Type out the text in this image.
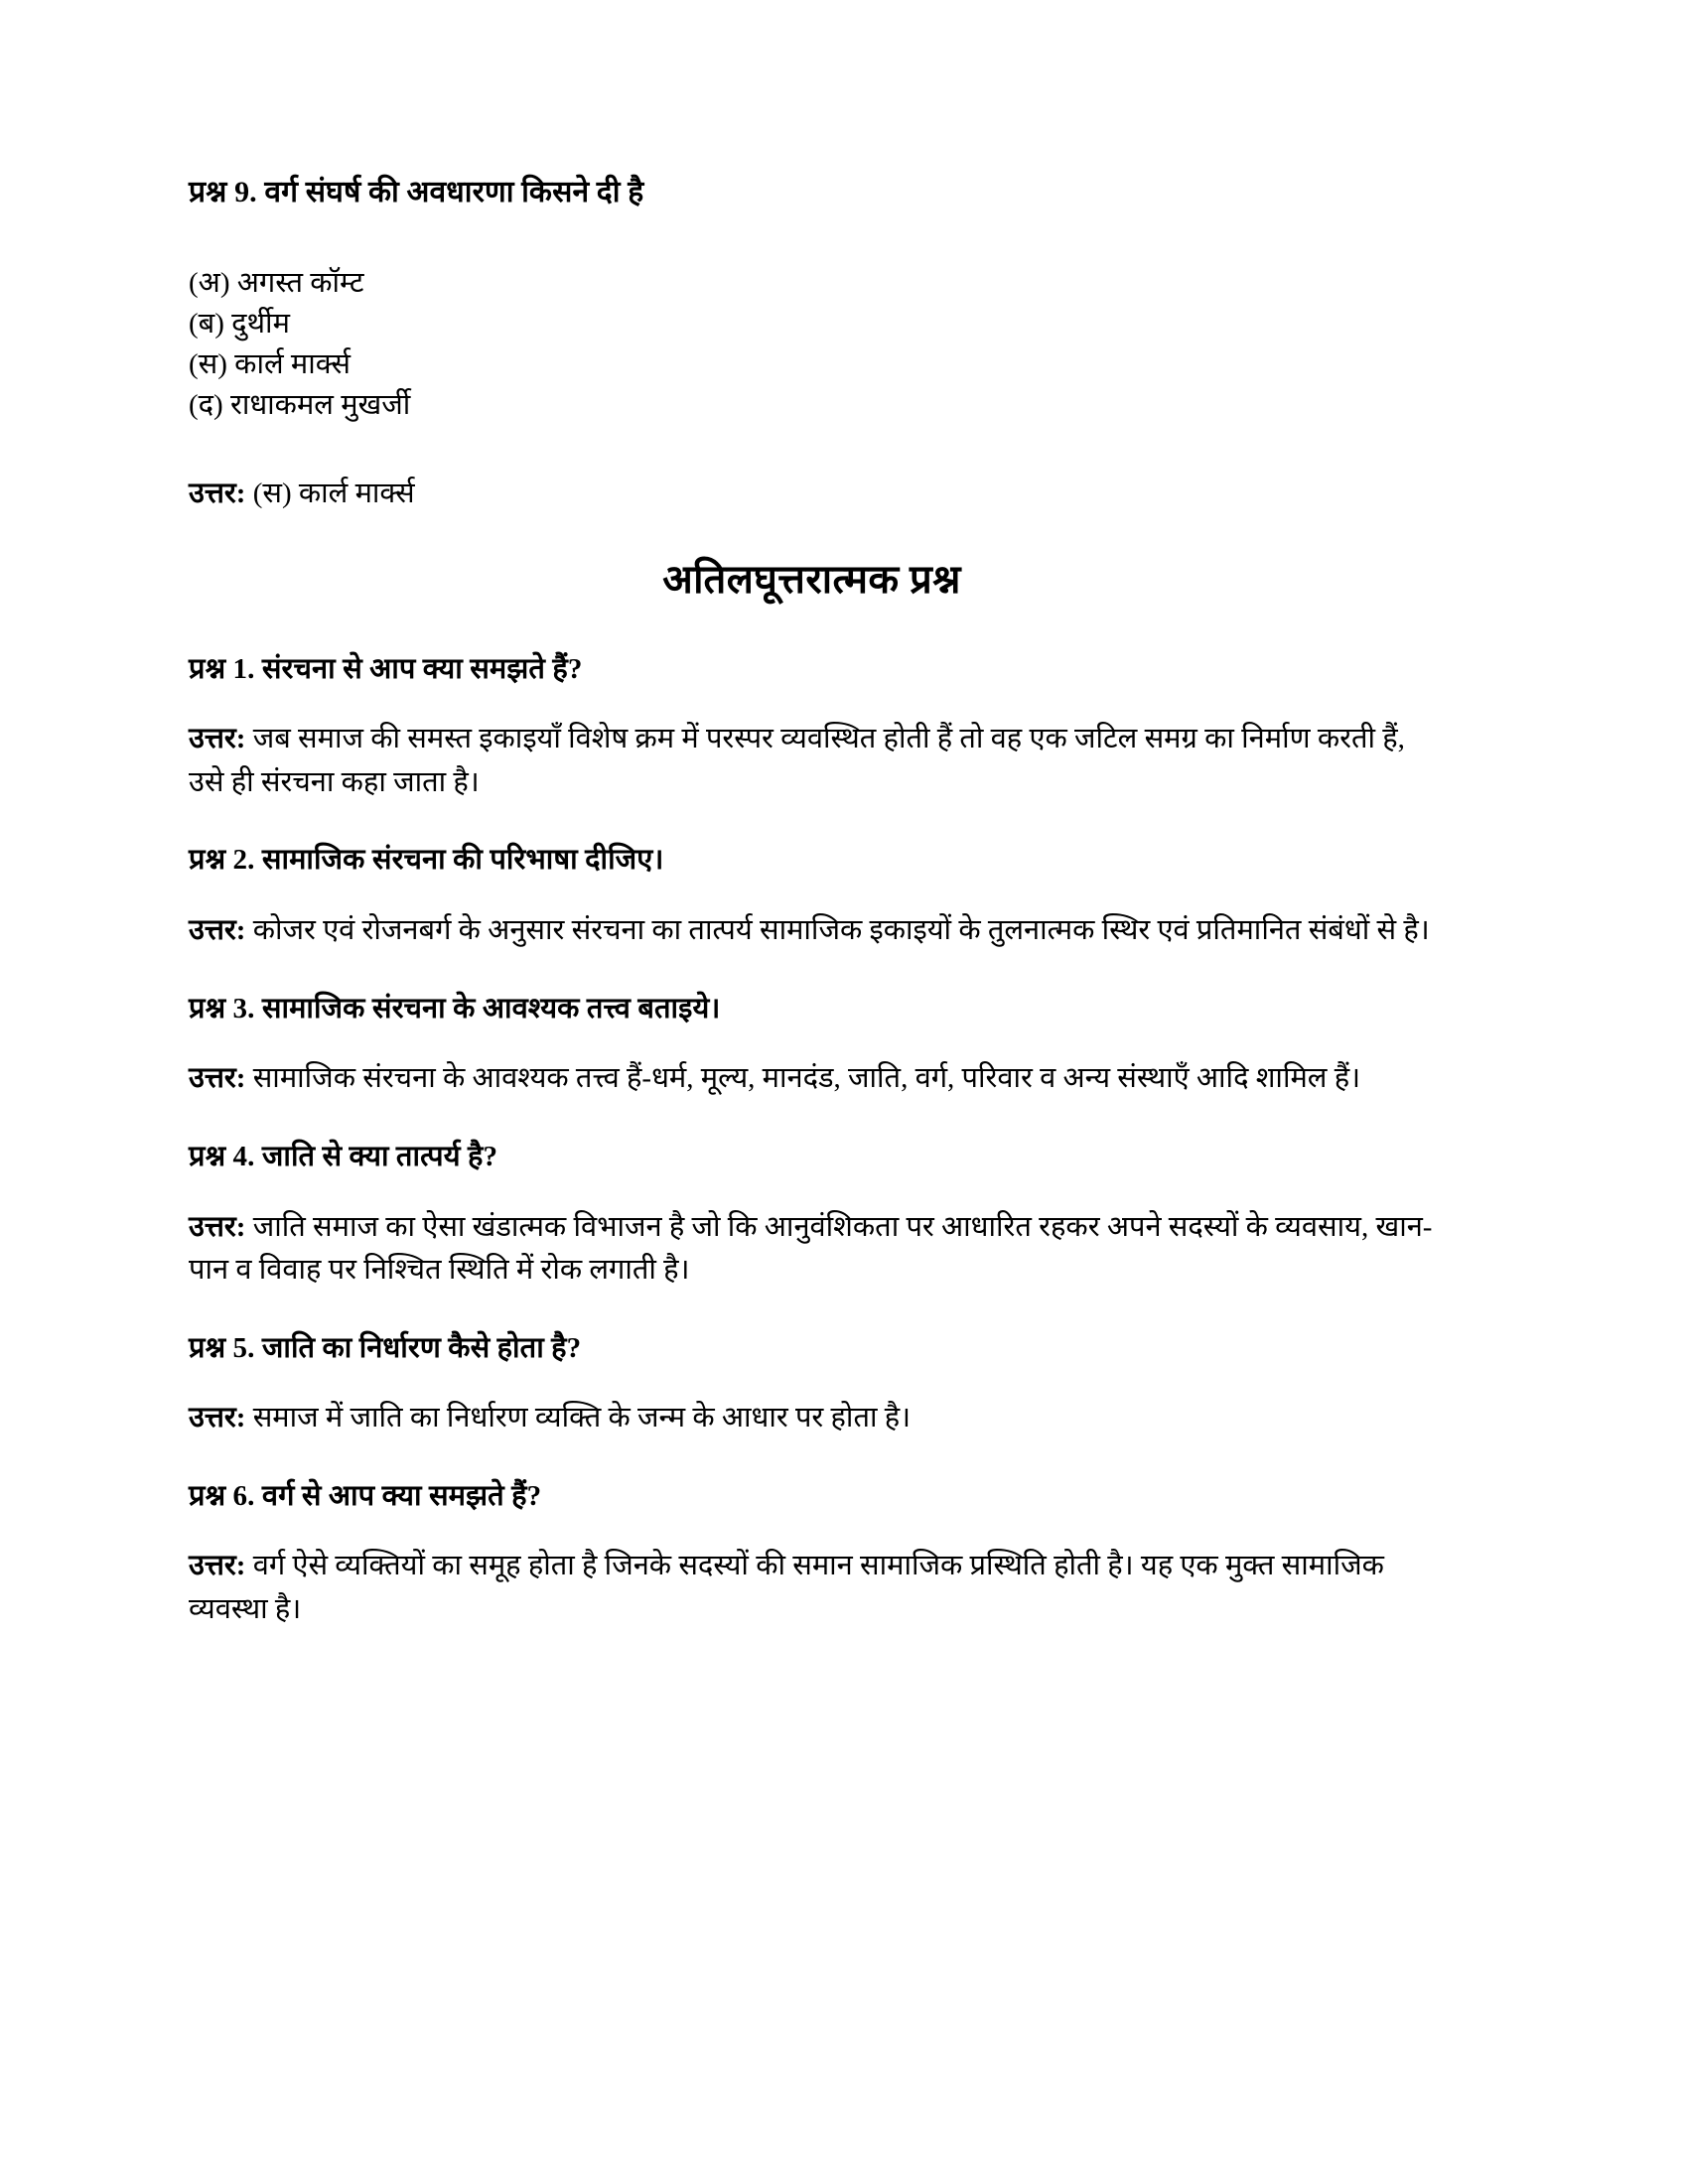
प्रश्न 9. वर्ग संघर्ष की अवधारणा किसने दी है
(अ) अगस्त कॉम्ट
(ब) दुर्थीम
(स) कार्ल मार्क्स
(द) राधाकमल मुखर्जी

उत्तर: (स) कार्ल मार्क्स

अतिलघूत्तरात्मक प्रश्न
प्रश्न 1. संरचना से आप क्या समझते हैं?

उत्तर: जब समाज की समस्त इकाइयाँ विशेष क्रम में परस्पर व्यवस्थित होती हैं तो वह एक जटिल समग्र का निर्माण करती हैं, उसे ही संरचना कहा जाता है।

प्रश्न 2. सामाजिक संरचना की परिभाषा दीजिए।

उत्तर: कोजर एवं रोजनबर्ग के अनुसार संरचना का तात्पर्य सामाजिक इकाइयों के तुलनात्मक स्थिर एवं प्रतिमानित संबंधों से है।

प्रश्न 3. सामाजिक संरचना के आवश्यक तत्त्व बताइये।

उत्तर: सामाजिक संरचना के आवश्यक तत्त्व हैं-धर्म, मूल्य, मानदंड, जाति, वर्ग, परिवार व अन्य संस्थाएँ आदि शामिल हैं।

प्रश्न 4. जाति से क्या तात्पर्य है?

उत्तर: जाति समाज का ऐसा खंडात्मक विभाजन है जो कि आनुवंशिकता पर आधारित रहकर अपने सदस्यों के व्यवसाय, खान-पान व विवाह पर निश्चित स्थिति में रोक लगाती है।

प्रश्न 5. जाति का निर्धारण कैसे होता है?

उत्तर: समाज में जाति का निर्धारण व्यक्ति के जन्म के आधार पर होता है।

प्रश्न 6. वर्ग से आप क्या समझते हैं?

उत्तर: वर्ग ऐसे व्यक्तियों का समूह होता है जिनके सदस्यों की समान सामाजिक प्रस्थिति होती है। यह एक मुक्त सामाजिक व्यवस्था है।
